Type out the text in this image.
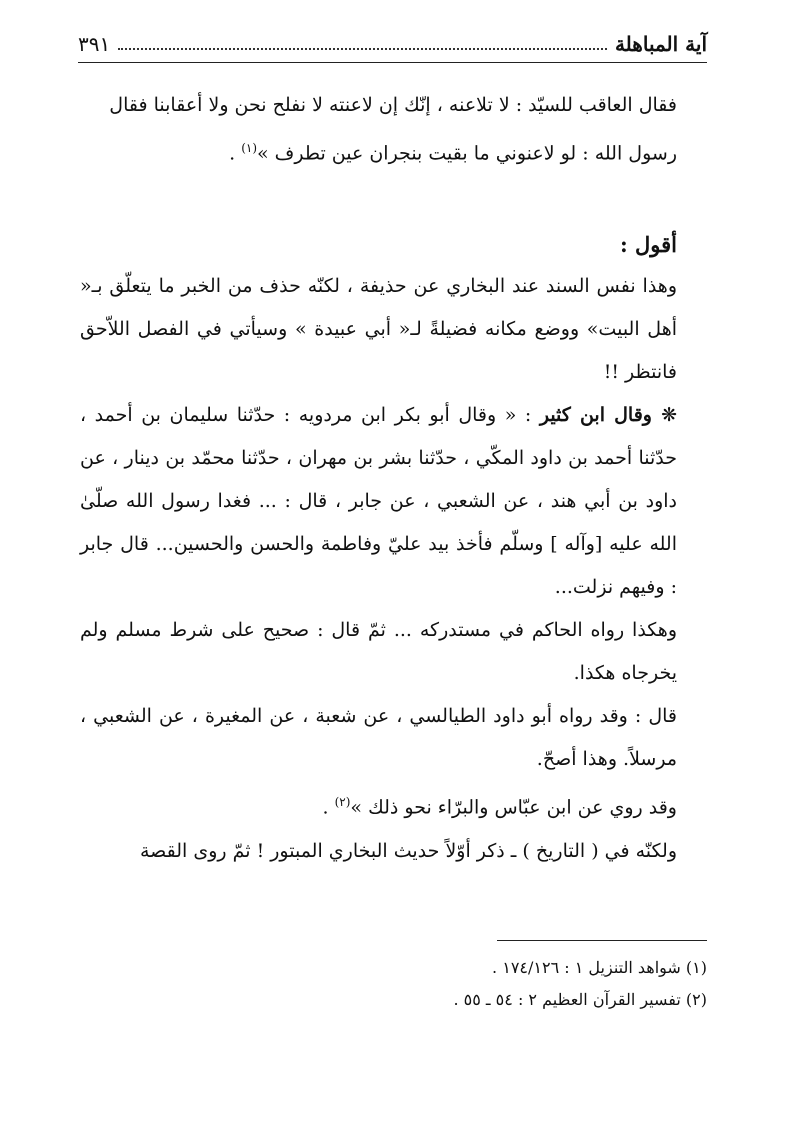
آية المباهلة
٣٩١

فقال العاقب للسيّد : لا تلاعنه ، إنّك إن لاعنته لا نفلح نحن ولا أعقابنا فقال
رسول الله : لو لاعنوني ما بقيت بنجران عين تطرف »$^{(١)}$ .

أقول :

وهذا نفس السند عند البخاري عن حذيفة ، لكنّه حذف من الخبر ما يتعلّق بـ« أهل البيت» ووضع مكانه فضيلةً لـ« أبي عبيدة » وسيأتي في الفصل اللاّحق فانتظر !!

❋ وقال ابن كثير : « وقال أبو بكر ابن مردويه : حدّثنا سليمان بن أحمد ، حدّثنا أحمد بن داود المكّي ، حدّثنا بشر بن مهران ، حدّثنا محمّد بن دينار ، عن داود بن أبي هند ، عن الشعبي ، عن جابر ، قال : ... فغدا رسول الله صلّىٰ الله عليه [وآله ] وسلّم فأخذ بيد عليّ وفاطمة والحسن والحسين... قال جابر : وفيهم نزلت...

وهكذا رواه الحاكم في مستدركه ... ثمّ قال : صحيح على شرط مسلم ولم يخرجاه هكذا.

قال : وقد رواه أبو داود الطيالسي ، عن شعبة ، عن المغيرة ، عن الشعبي ، مرسلاً. وهذا أصحّ.

وقد روي عن ابن عبّاس والبرّاء نحو ذلك »$^{(٢)}$ .

ولكنّه في ( التاريخ ) ـ ذكر أوّلاً حديث البخاري المبتور ! ثمّ روى القصة

(١) شواهد التنزيل ١ : ١٧٤/١٢٦ .

(٢) تفسير القرآن العظيم ٢ : ٥٤ ـ ٥٥ .
